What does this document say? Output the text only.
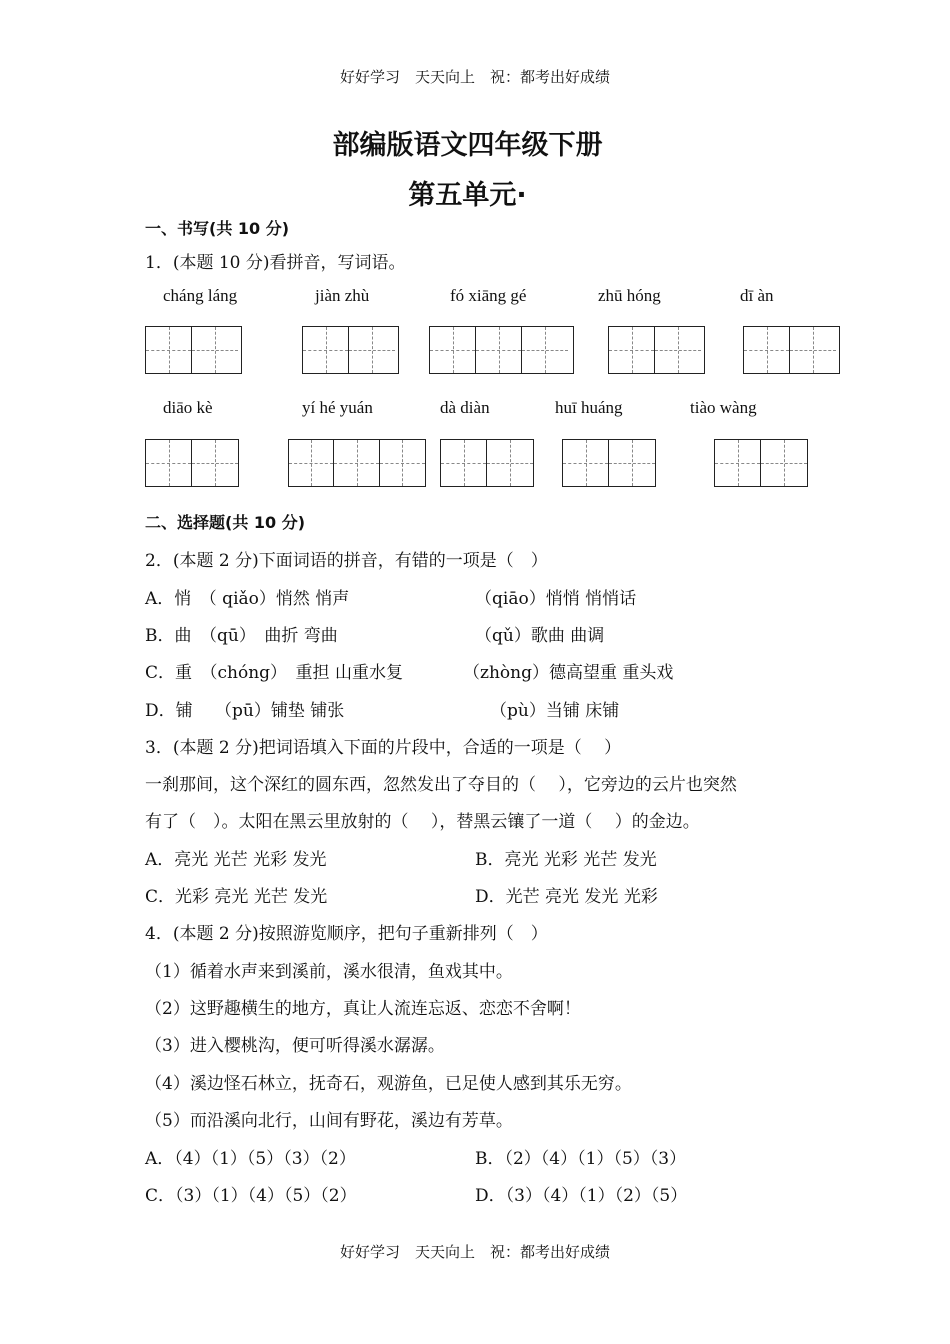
好好学习　天天向上　祝：都考出好成绩
部编版语文四年级下册
第五单元·
一、书写(共 10 分)
1．(本题 10 分)看拼音，写词语。
cháng láng	jiàn zhù	fó xiāng gé	zhū hóng	dī àn
diāo kè	yí hé yuán	dà diàn	huī huáng	tiào wàng
二、选择题(共 10 分)
2．(本题 2 分)下面词语的拼音，有错的一项是（　）
A．悄　（ qiǎo）悄然 悄声	（qiāo）悄悄 悄悄话
B．曲　（qū）　曲折 弯曲	（qǔ）歌曲 曲调
C．重　（chóng）　重担 山重水复	（zhòng）德高望重 重头戏
D．铺　 （pū）铺垫 铺张	（pù）当铺 床铺
3．(本题 2 分)把词语填入下面的片段中，合适的一项是（　 ）
一刹那间，这个深红的圆东西，忽然发出了夺目的（　 ），它旁边的云片也突然
有了（　）。太阳在黑云里放射的（　 ），替黑云镶了一道（　 ）的金边。
A．亮光 光芒 光彩 发光	B．亮光 光彩 光芒 发光
C．光彩 亮光 光芒 发光	D．光芒 亮光 发光 光彩
4．(本题 2 分)按照游览顺序，把句子重新排列（　）
（1）循着水声来到溪前，溪水很清，鱼戏其中。
（2）这野趣横生的地方，真让人流连忘返、恋恋不舍啊！
（3）进入樱桃沟，便可听得溪水潺潺。
（4）溪边怪石林立，抚奇石，观游鱼，已足使人感到其乐无穷。
（5）而沿溪向北行，山间有野花，溪边有芳草。
A．（4）（1）（5）（3）（2）	B．（2）（4）（1）（5）（3）
C．（3）（1）（4）（5）（2）	D．（3）（4）（1）（2）（5）
好好学习　天天向上　祝：都考出好成绩
